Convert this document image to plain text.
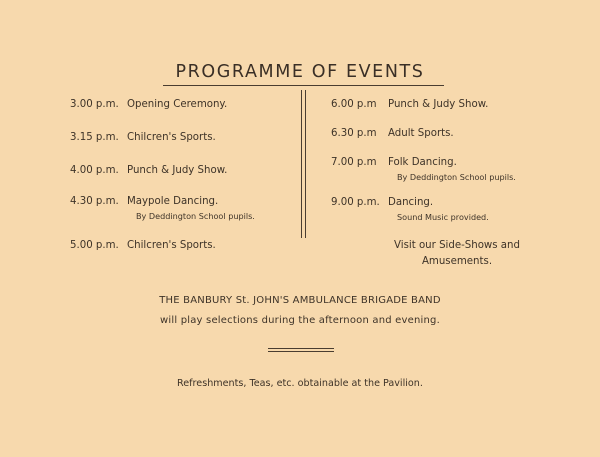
PROGRAMME OF EVENTS
3.00 p.m. Opening Ceremony.
3.15 p.m. Chilcren's Sports.
4.00 p.m. Punch & Judy Show.
4.30 p.m. Maypole Dancing.
By Deddington School pupils.
5.00 p.m. Chilcren's Sports.
6.00 p.m Punch & Judy Show.
6.30 p.m Adult Sports.
7.00 p.m Folk Dancing.
By Deddington School pupils.
9.00 p.m. Dancing.
Sound Music provided.
Visit our Side-Shows and
Amusements.
THE BANBURY St. JOHN'S AMBULANCE BRIGADE BAND
will play selections during the afternoon and evening.
Refreshments, Teas, etc. obtainable at the Pavilion.
